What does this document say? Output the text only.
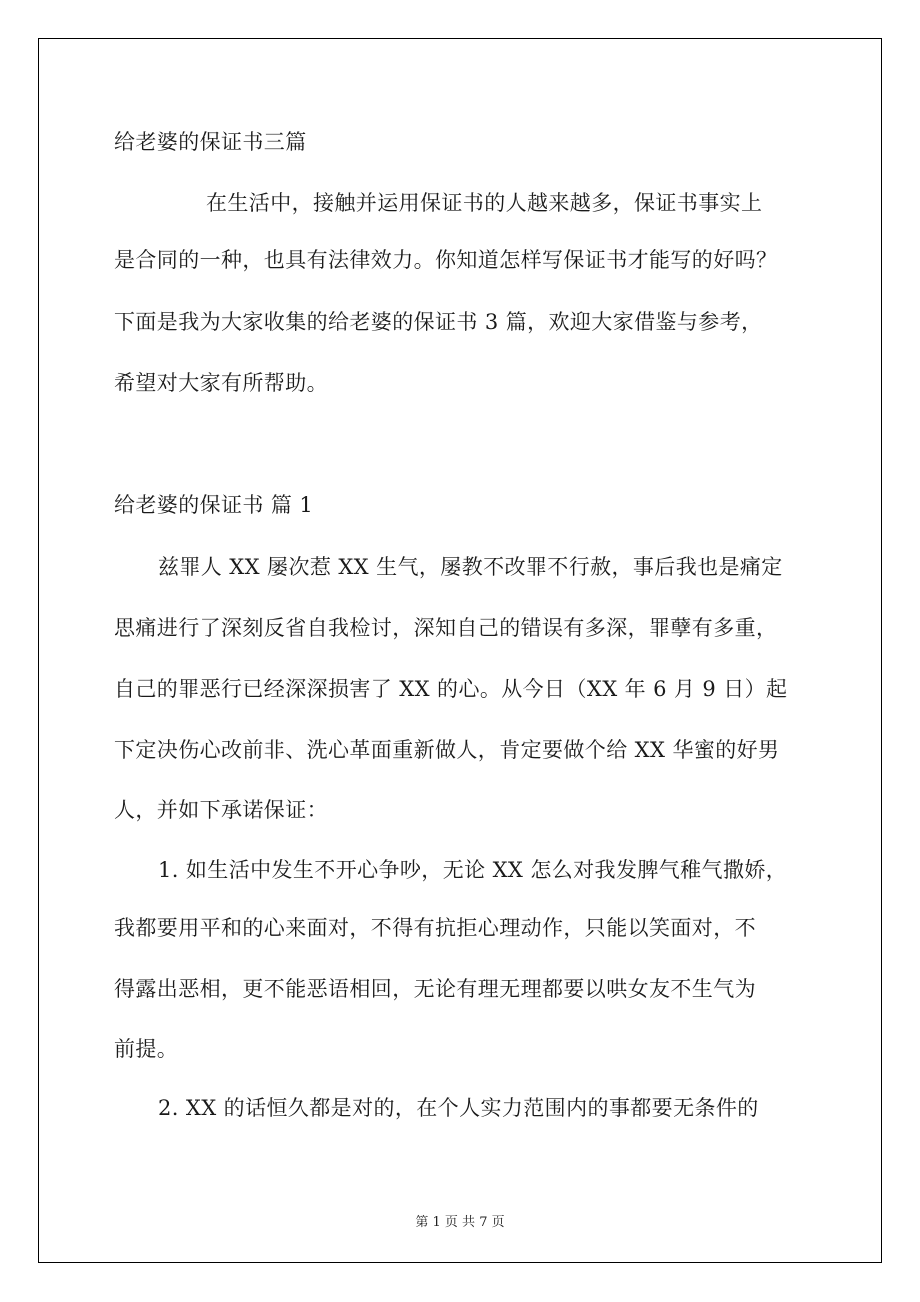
给老婆的保证书三篇
在生活中，接触并运用保证书的人越来越多，保证书事实上
是合同的一种，也具有法律效力。你知道怎样写保证书才能写的好吗？
下面是我为大家收集的给老婆的保证书 3 篇，欢迎大家借鉴与参考，
希望对大家有所帮助。
给老婆的保证书 篇 1
兹罪人 XX 屡次惹 XX 生气，屡教不改罪不行赦，事后我也是痛定
思痛进行了深刻反省自我检讨，深知自己的错误有多深，罪孽有多重，
自己的罪恶行已经深深损害了 XX 的心。从今日（XX 年 6 月 9 日）起
下定决伤心改前非、洗心革面重新做人，肯定要做个给 XX 华蜜的好男
人，并如下承诺保证：
1. 如生活中发生不开心争吵，无论 XX 怎么对我发脾气稚气撒娇，
我都要用平和的心来面对，不得有抗拒心理动作，只能以笑面对，不
得露出恶相，更不能恶语相回，无论有理无理都要以哄女友不生气为
前提。
2. XX 的话恒久都是对的，在个人实力范围内的事都要无条件的
第 1 页 共 7 页
